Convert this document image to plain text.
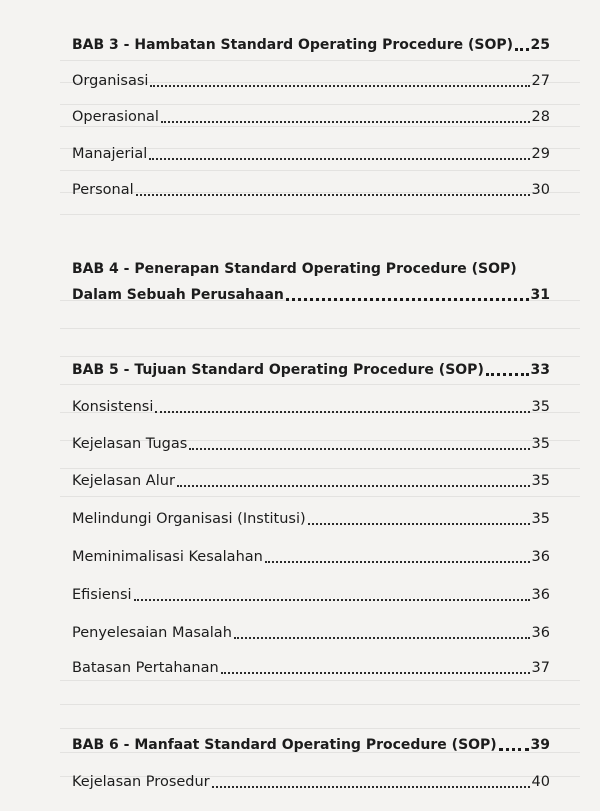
BAB 3 - Hambatan Standard Operating Procedure (SOP) 25
Organisasi	27
Operasional	28
Manajerial	29
Personal	30
BAB 4 - Penerapan Standard Operating Procedure (SOP)
Dalam Sebuah Perusahaan	31
BAB 5 - Tujuan Standard Operating Procedure (SOP)	33
Konsistensi	35
Kejelasan Tugas	35
Kejelasan Alur	35
Melindungi Organisasi (Institusi)	35
Meminimalisasi Kesalahan	36
Efisiensi	36
Penyelesaian Masalah	36
Batasan Pertahanan	37
BAB 6 - Manfaat Standard Operating Procedure (SOP) 39
Kejelasan Prosedur	40
